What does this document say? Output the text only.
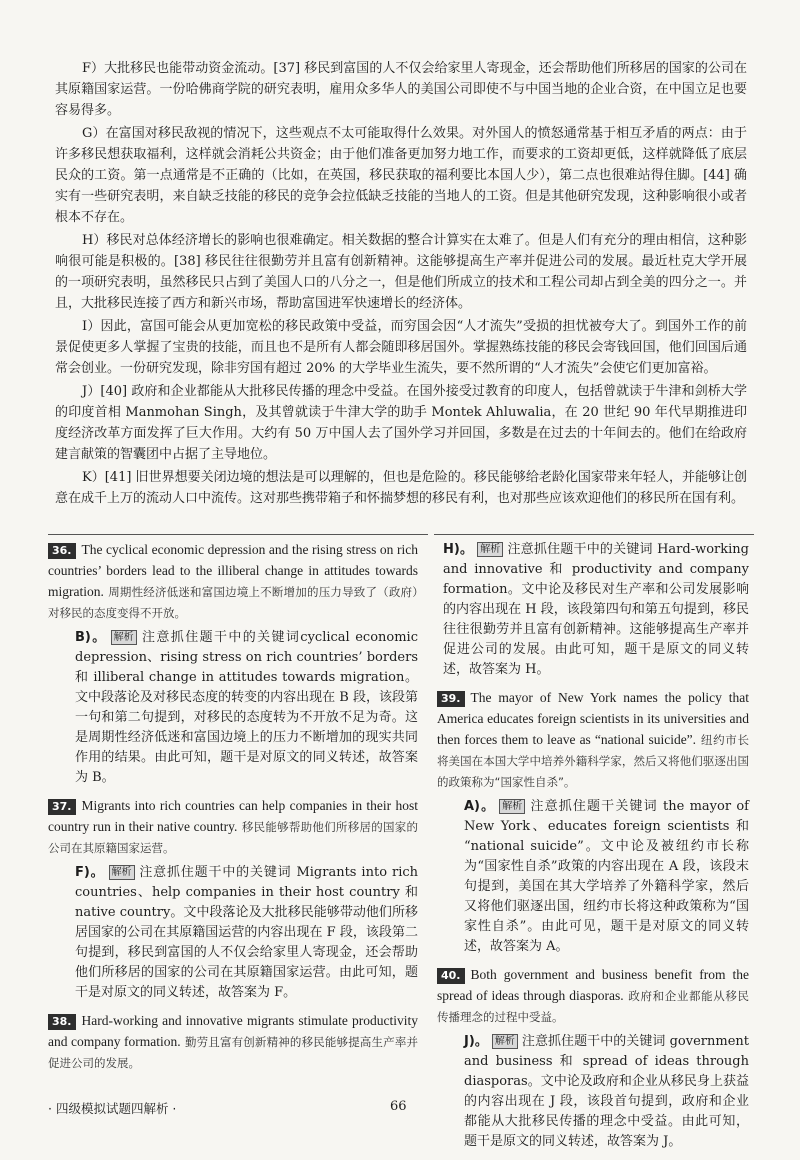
F）大批移民也能带动资金流动。[37] 移民到富国的人不仅会给家里人寄现金，还会帮助他们所移居的国家的公司在其原籍国家运营。一份哈佛商学院的研究表明，雇用众多华人的美国公司即使不与中国当地的企业合资，在中国立足也要容易得多。

G）在富国对移民敌视的情况下，这些观点不太可能取得什么效果。对外国人的愤怒通常基于相互矛盾的两点：由于许多移民想获取福利，这样就会消耗公共资金；由于他们准备更加努力地工作，而要求的工资却更低，这样就降低了底层民众的工资。第一点通常是不正确的（比如，在英国，移民获取的福利要比本国人少），第二点也很难站得住脚。[44] 确实有一些研究表明，来自缺乏技能的移民的竞争会拉低缺乏技能的当地人的工资。但是其他研究发现，这种影响很小或者根本不存在。

H）移民对总体经济增长的影响也很难确定。相关数据的整合计算实在太难了。但是人们有充分的理由相信，这种影响很可能是积极的。[38] 移民往往很勤劳并且富有创新精神。这能够提高生产率并促进公司的发展。最近杜克大学开展的一项研究表明，虽然移民只占到了美国人口的八分之一，但是他们所成立的技术和工程公司却占到全美的四分之一。并且，大批移民连接了西方和新兴市场，帮助富国进军快速增长的经济体。

I）因此，富国可能会从更加宽松的移民政策中受益，而穷国会因“人才流失”受损的担忧被夸大了。到国外工作的前景促使更多人掌握了宝贵的技能，而且也不是所有人都会随即移居国外。掌握熟练技能的移民会寄钱回国，他们回国后通常会创业。一份研究发现，除非穷国有超过 20% 的大学毕业生流失，要不然所谓的“人才流失”会使它们更加富裕。

J）[40] 政府和企业都能从大批移民传播的理念中受益。在国外接受过教育的印度人，包括曾就读于牛津和剑桥大学的印度首相 Manmohan Singh，及其曾就读于牛津大学的助手 Montek Ahluwalia，在 20 世纪 90 年代早期推进印度经济改革方面发挥了巨大作用。大约有 50 万中国人去了国外学习并回国，多数是在过去的十年间去的。他们在给政府建言献策的智囊团中占据了主导地位。

K）[41] 旧世界想要关闭边境的想法是可以理解的，但也是危险的。移民能够给老龄化国家带来年轻人，并能够让创意在成千上万的流动人口中流传。这对那些携带箱子和怀揣梦想的移民有利，也对那些应该欢迎他们的移民所在国有利。

36. The cyclical economic depression and the rising stress on rich countries’ borders lead to the illiberal change in attitudes towards migration. 周期性经济低迷和富国边境上不断增加的压力导致了（政府）对移民的态度变得不开放。
B)。 解析 注意抓住题干中的关键词cyclical economic depression、rising stress on rich countries’ borders 和 illiberal change in attitudes towards migration。文中段落论及对移民态度的转变的内容出现在 B 段，该段第一句和第二句提到，对移民的态度转为不开放不足为奇。这是周期性经济低迷和富国边境上的压力不断增加的现实共同作用的结果。由此可知，题干是对原文的同义转述，故答案为 B。
37. Migrants into rich countries can help companies in their host country run in their native country. 移民能够帮助他们所移居的国家的公司在其原籍国家运营。
F)。 解析 注意抓住题干中的关键词 Migrants into rich countries、help companies in their host country 和 native country。文中段落论及大批移民能够带动他们所移居国家的公司在其原籍国运营的内容出现在 F 段，该段第二句提到，移民到富国的人不仅会给家里人寄现金，还会帮助他们所移居的国家的公司在其原籍国家运营。由此可知，题干是对原文的同义转述，故答案为 F。
38. Hard-working and innovative migrants stimulate productivity and company formation. 勤劳且富有创新精神的移民能够提高生产率并促进公司的发展。
H)。 解析 注意抓住题干中的关键词 Hard-working and innovative 和 productivity and company formation。文中论及移民对生产率和公司发展影响的内容出现在 H 段，该段第四句和第五句提到，移民往往很勤劳并且富有创新精神。这能够提高生产率并促进公司的发展。由此可知，题干是原文的同义转述，故答案为 H。
39. The mayor of New York names the policy that America educates foreign scientists in its universities and then forces them to leave as “national suicide”. 纽约市长将美国在本国大学中培养外籍科学家，然后又将他们驱逐出国的政策称为“国家性自杀”。
A)。 解析 注意抓住题干关键词 the mayor of New York、educates foreign scientists 和 “national suicide”。文中论及被纽约市长称为“国家性自杀”政策的内容出现在 A 段，该段末句提到，美国在其大学培养了外籍科学家，然后又将他们驱逐出国，纽约市长将这种政策称为“国家性自杀”。由此可见，题干是对原文的同义转述，故答案为 A。
40. Both government and business benefit from the spread of ideas through diasporas. 政府和企业都能从移民传播理念的过程中受益。
J)。 解析 注意抓住题干中的关键词 government and business 和 spread of ideas through diasporas。文中论及政府和企业从移民身上获益的内容出现在 J 段，该段首句提到，政府和企业都能从大批移民传播的理念中受益。由此可知，题干是原文的同义转述，故答案为 J。
· 四级模拟试题四解析 ·	66
